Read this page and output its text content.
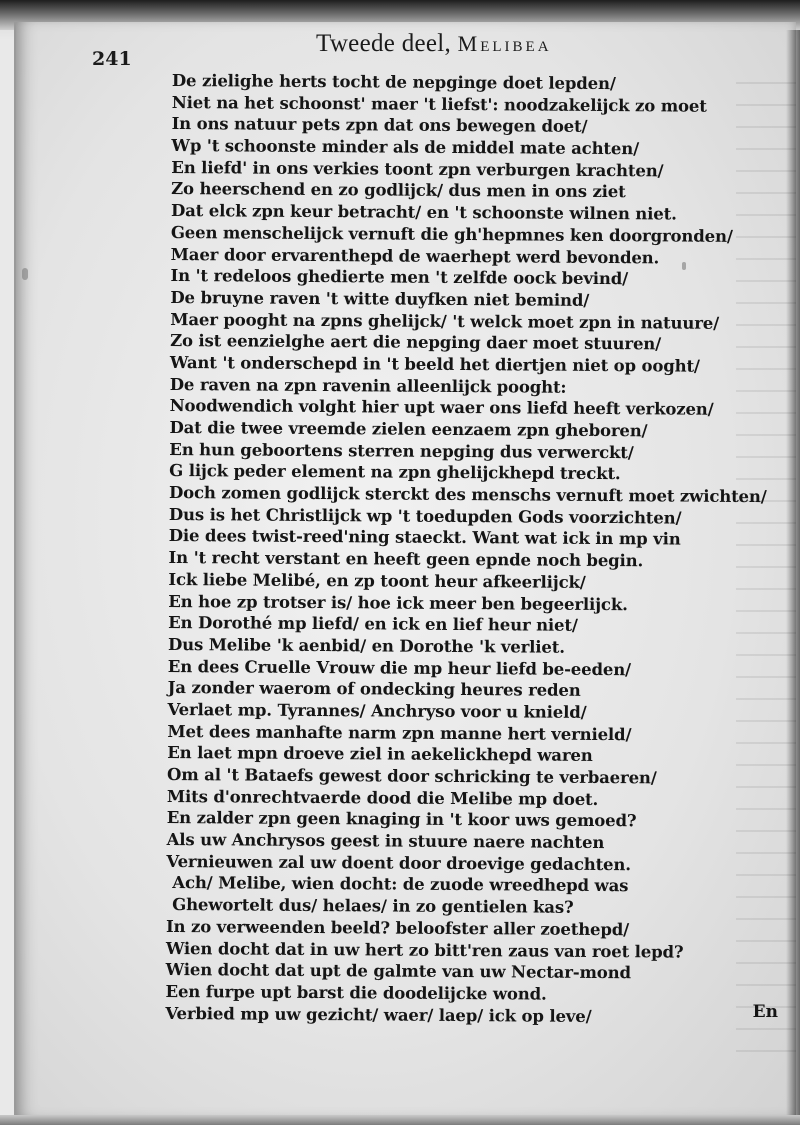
241
Tweede deel, Melibea
De zielighe herts tocht de nepginge doet lepden/
Niet na het schoonst' maer 't liefst': noodzakelijck zo moet
In ons natuur pets zpn dat ons bewegen doet/
Wp 't schoonste minder als de middel mate achten/
En liefd' in ons verkies toont zpn verburgen krachten/
Zo heerschend en zo godlijck/ dus men in ons ziet
Dat elck zpn keur betracht/ en 't schoonste wilnen niet.
Geen menschelijck vernuft die gh'hepmnes ken doorgronden/
Maer door ervarenthepd de waerhept werd bevonden.
In 't redeloos ghedierte men 't zelfde oock bevind/
De bruyne raven 't witte duyfken niet bemind/
Maer pooght na zpns ghelijck/ 't welck moet zpn in natuure/
Zo ist eenzielghe aert die nepging daer moet stuuren/
Want 't onderschepd in 't beeld het diertjen niet op ooght/
De raven na zpn ravenin alleenlijck pooght:
Noodwendich volght hier upt waer ons liefd heeft verkozen/
Dat die twee vreemde zielen eenzaem zpn gheboren/
En hun geboortens sterren nepging dus verwerckt/
G lijck peder element na zpn ghelijckhepd treckt.
Doch zomen godlijck sterckt des menschs vernuft moet zwichten/
Dus is het Christlijck wp 't toedupden Gods voorzichten/
Die dees twist-reed'ning staeckt. Want wat ick in mp vin
In 't recht verstant en heeft geen epnde noch begin.
Ick liebe Melibé, en zp toont heur afkeerlijck/
En hoe zp trotser is/ hoe ick meer ben begeerlijck.
En Dorothé mp liefd/ en ick en lief heur niet/
Dus Melibe 'k aenbid/ en Dorothe 'k verliet.
En dees Cruelle Vrouw die mp heur liefd be-eeden/
Ja zonder waerom of ondecking heures reden
Verlaet mp. Tyrannes/ Anchryso voor u knield/
Met dees manhafte narm zpn manne hert vernield/
En laet mpn droeve ziel in aekelickhepd waren
Om al 't Bataefs gewest door schricking te verbaeren/
Mits d'onrechtvaerde dood die Melibe mp doet.
En zalder zpn geen knaging in 't koor uws gemoed?
Als uw Anchrysos geest in stuure naere nachten
Vernieuwen zal uw doent door droevige gedachten.
Ach/ Melibe, wien docht: de zuode wreedhepd was
Ghewortelt dus/ helaes/ in zo gentielen kas?
In zo verweenden beeld? beloofster aller zoethepd/
Wien docht dat in uw hert zo bitt'ren zaus van roet lepd?
Wien docht dat upt de galmte van uw Nectar-mond
Een furpe upt barst die doodelijcke wond.
Verbied mp uw gezicht/ waer/ laep/ ick op leve/	En
